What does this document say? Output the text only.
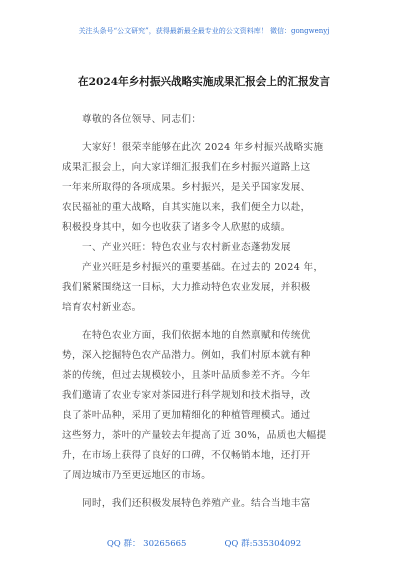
关注头条号“公文研究”，获得最新最全最专业的公文资料库！ 微信：gongwenyj
在2024年乡村振兴战略实施成果汇报会上的汇报发言
尊敬的各位领导、同志们：
大家好！很荣幸能够在此次 2024 年乡村振兴战略实施
成果汇报会上，向大家详细汇报我们在乡村振兴道路上这
一年来所取得的各项成果。乡村振兴，是关乎国家发展、
农民福祉的重大战略，自其实施以来，我们便全力以赴，
积极投身其中，如今也收获了诸多令人欣慰的成绩。
一、产业兴旺：特色农业与农村新业态蓬勃发展
产业兴旺是乡村振兴的重要基础。在过去的 2024 年，
我们紧紧围绕这一目标，大力推动特色农业发展，并积极
培育农村新业态。
在特色农业方面，我们依据本地的自然禀赋和传统优
势，深入挖掘特色农产品潜力。例如，我们村原本就有种
茶的传统，但过去规模较小，且茶叶品质参差不齐。今年
我们邀请了农业专家对茶园进行科学规划和技术指导，改
良了茶叶品种，采用了更加精细化的种植管理模式。通过
这些努力，茶叶的产量较去年提高了近 30%，品质也大幅提
升，在市场上获得了良好的口碑，不仅畅销本地，还打开
了周边城市乃至更远地区的市场。
同时，我们还积极发展特色养殖产业。结合当地丰富
QQ 群： 30265665	QQ 群:535304092
